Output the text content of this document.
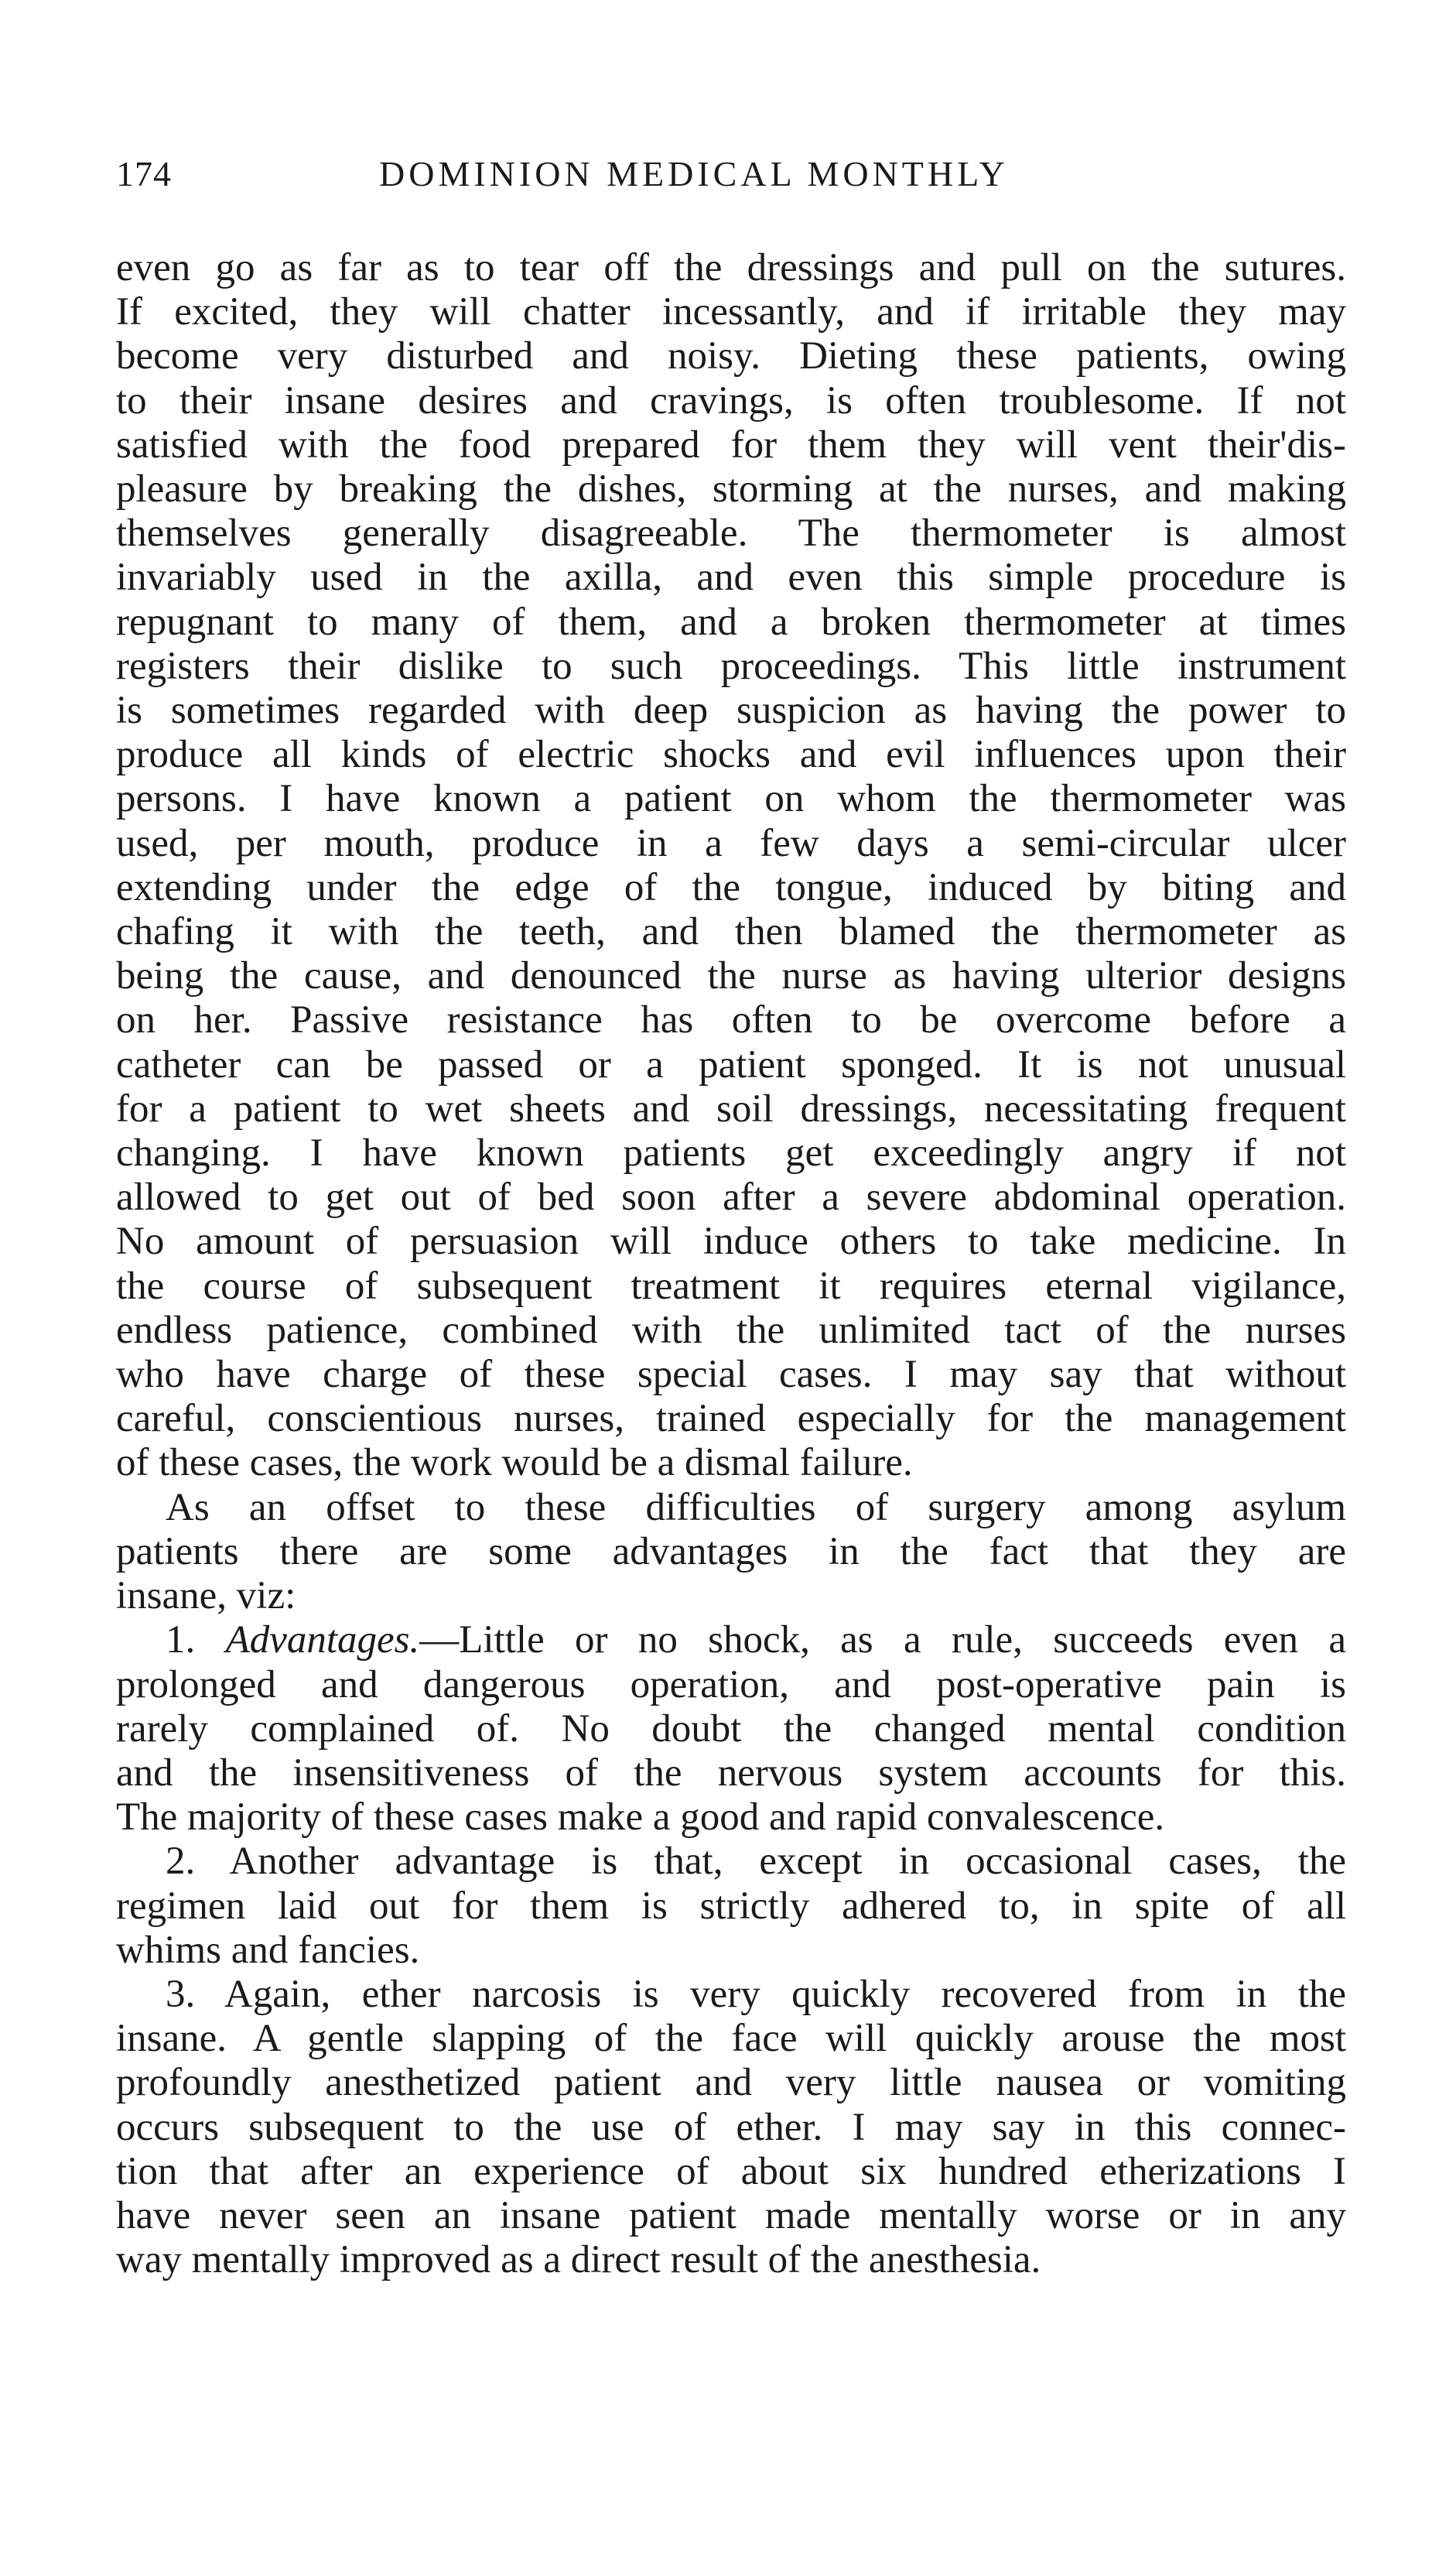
174	DOMINION MEDICAL MONTHLY

even go as far as to tear off the dressings and pull on the sutures.

If excited, they will chatter incessantly, and if irritable they may

become very disturbed and noisy. Dieting these patients, owing

to their insane desires and cravings, is often troublesome. If not

satisfied with the food prepared for them they will vent their'dis-

pleasure by breaking the dishes, storming at the nurses, and making

themselves generally disagreeable. The thermometer is almost

invariably used in the axilla, and even this simple procedure is

repugnant to many of them, and a broken thermometer at times

registers their dislike to such proceedings. This little instrument

is sometimes regarded with deep suspicion as having the power to

produce all kinds of electric shocks and evil influences upon their

persons. I have known a patient on whom the thermometer was

used, per mouth, produce in a few days a semi-circular ulcer

extending under the edge of the tongue, induced by biting and

chafing it with the teeth, and then blamed the thermometer as

being the cause, and denounced the nurse as having ulterior designs

on her. Passive resistance has often to be overcome before a

catheter can be passed or a patient sponged. It is not unusual

for a patient to wet sheets and soil dressings, necessitating frequent

changing. I have known patients get exceedingly angry if not

allowed to get out of bed soon after a severe abdominal operation.

No amount of persuasion will induce others to take medicine. In

the course of subsequent treatment it requires eternal vigilance,

endless patience, combined with the unlimited tact of the nurses

who have charge of these special cases. I may say that without

careful, conscientious nurses, trained especially for the management

of these cases, the work would be a dismal failure.

As an offset to these difficulties of surgery among asylum

patients there are some advantages in the fact that they are

insane, viz:

1. Advantages.—Little or no shock, as a rule, succeeds even a

prolonged and dangerous operation, and post-operative pain is

rarely complained of. No doubt the changed mental condition

and the insensitiveness of the nervous system accounts for this.

The majority of these cases make a good and rapid convalescence.

2. Another advantage is that, except in occasional cases, the

regimen laid out for them is strictly adhered to, in spite of all

whims and fancies.

3. Again, ether narcosis is very quickly recovered from in the

insane. A gentle slapping of the face will quickly arouse the most

profoundly anesthetized patient and very little nausea or vomiting

occurs subsequent to the use of ether. I may say in this connec-

tion that after an experience of about six hundred etherizations I

have never seen an insane patient made mentally worse or in any

way mentally improved as a direct result of the anesthesia.
